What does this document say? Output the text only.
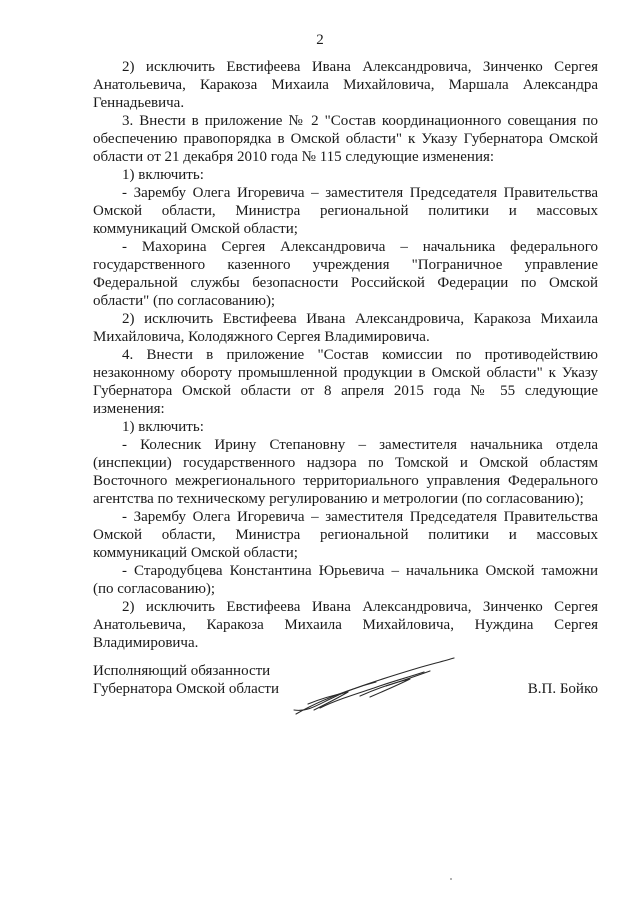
2

2) исключить Евстифеева Ивана Александровича, Зинченко Сергея Анатольевича, Каракоза Михаила Михайловича, Маршала Александра Геннадьевича.

3. Внести в приложение № 2 "Состав координационного совещания по обеспечению правопорядка в Омской области" к Указу Губернатора Омской области от 21 декабря 2010 года № 115 следующие изменения:

1) включить:

- Зарембу Олега Игоревича – заместителя Председателя Правительства Омской области, Министра региональной политики и массовых коммуникаций Омской области;

- Махорина Сергея Александровича – начальника федерального государственного казенного учреждения "Пограничное управление Федеральной службы безопасности Российской Федерации по Омской области" (по согласованию);

2) исключить Евстифеева Ивана Александровича, Каракоза Михаила Михайловича, Колодяжного Сергея Владимировича.

4. Внести в приложение "Состав комиссии по противодействию незаконному обороту промышленной продукции в Омской области" к Указу Губернатора Омской области от 8 апреля 2015 года № 55 следующие изменения:

1) включить:

- Колесник Ирину Степановну – заместителя начальника отдела (инспекции) государственного надзора по Томской и Омской областям Восточного межрегионального территориального управления Федерального агентства по техническому регулированию и метрологии (по согласованию);

- Зарембу Олега Игоревича – заместителя Председателя Правительства Омской области, Министра региональной политики и массовых коммуникаций Омской области;

- Стародубцева Константина Юрьевича – начальника Омской таможни (по согласованию);

2) исключить Евстифеева Ивана Александровича, Зинченко Сергея Анатольевича, Каракоза Михаила Михайловича, Нуждина Сергея Владимировича.

Исполняющий обязанности
Губернатора Омской области	В.П. Бойко
